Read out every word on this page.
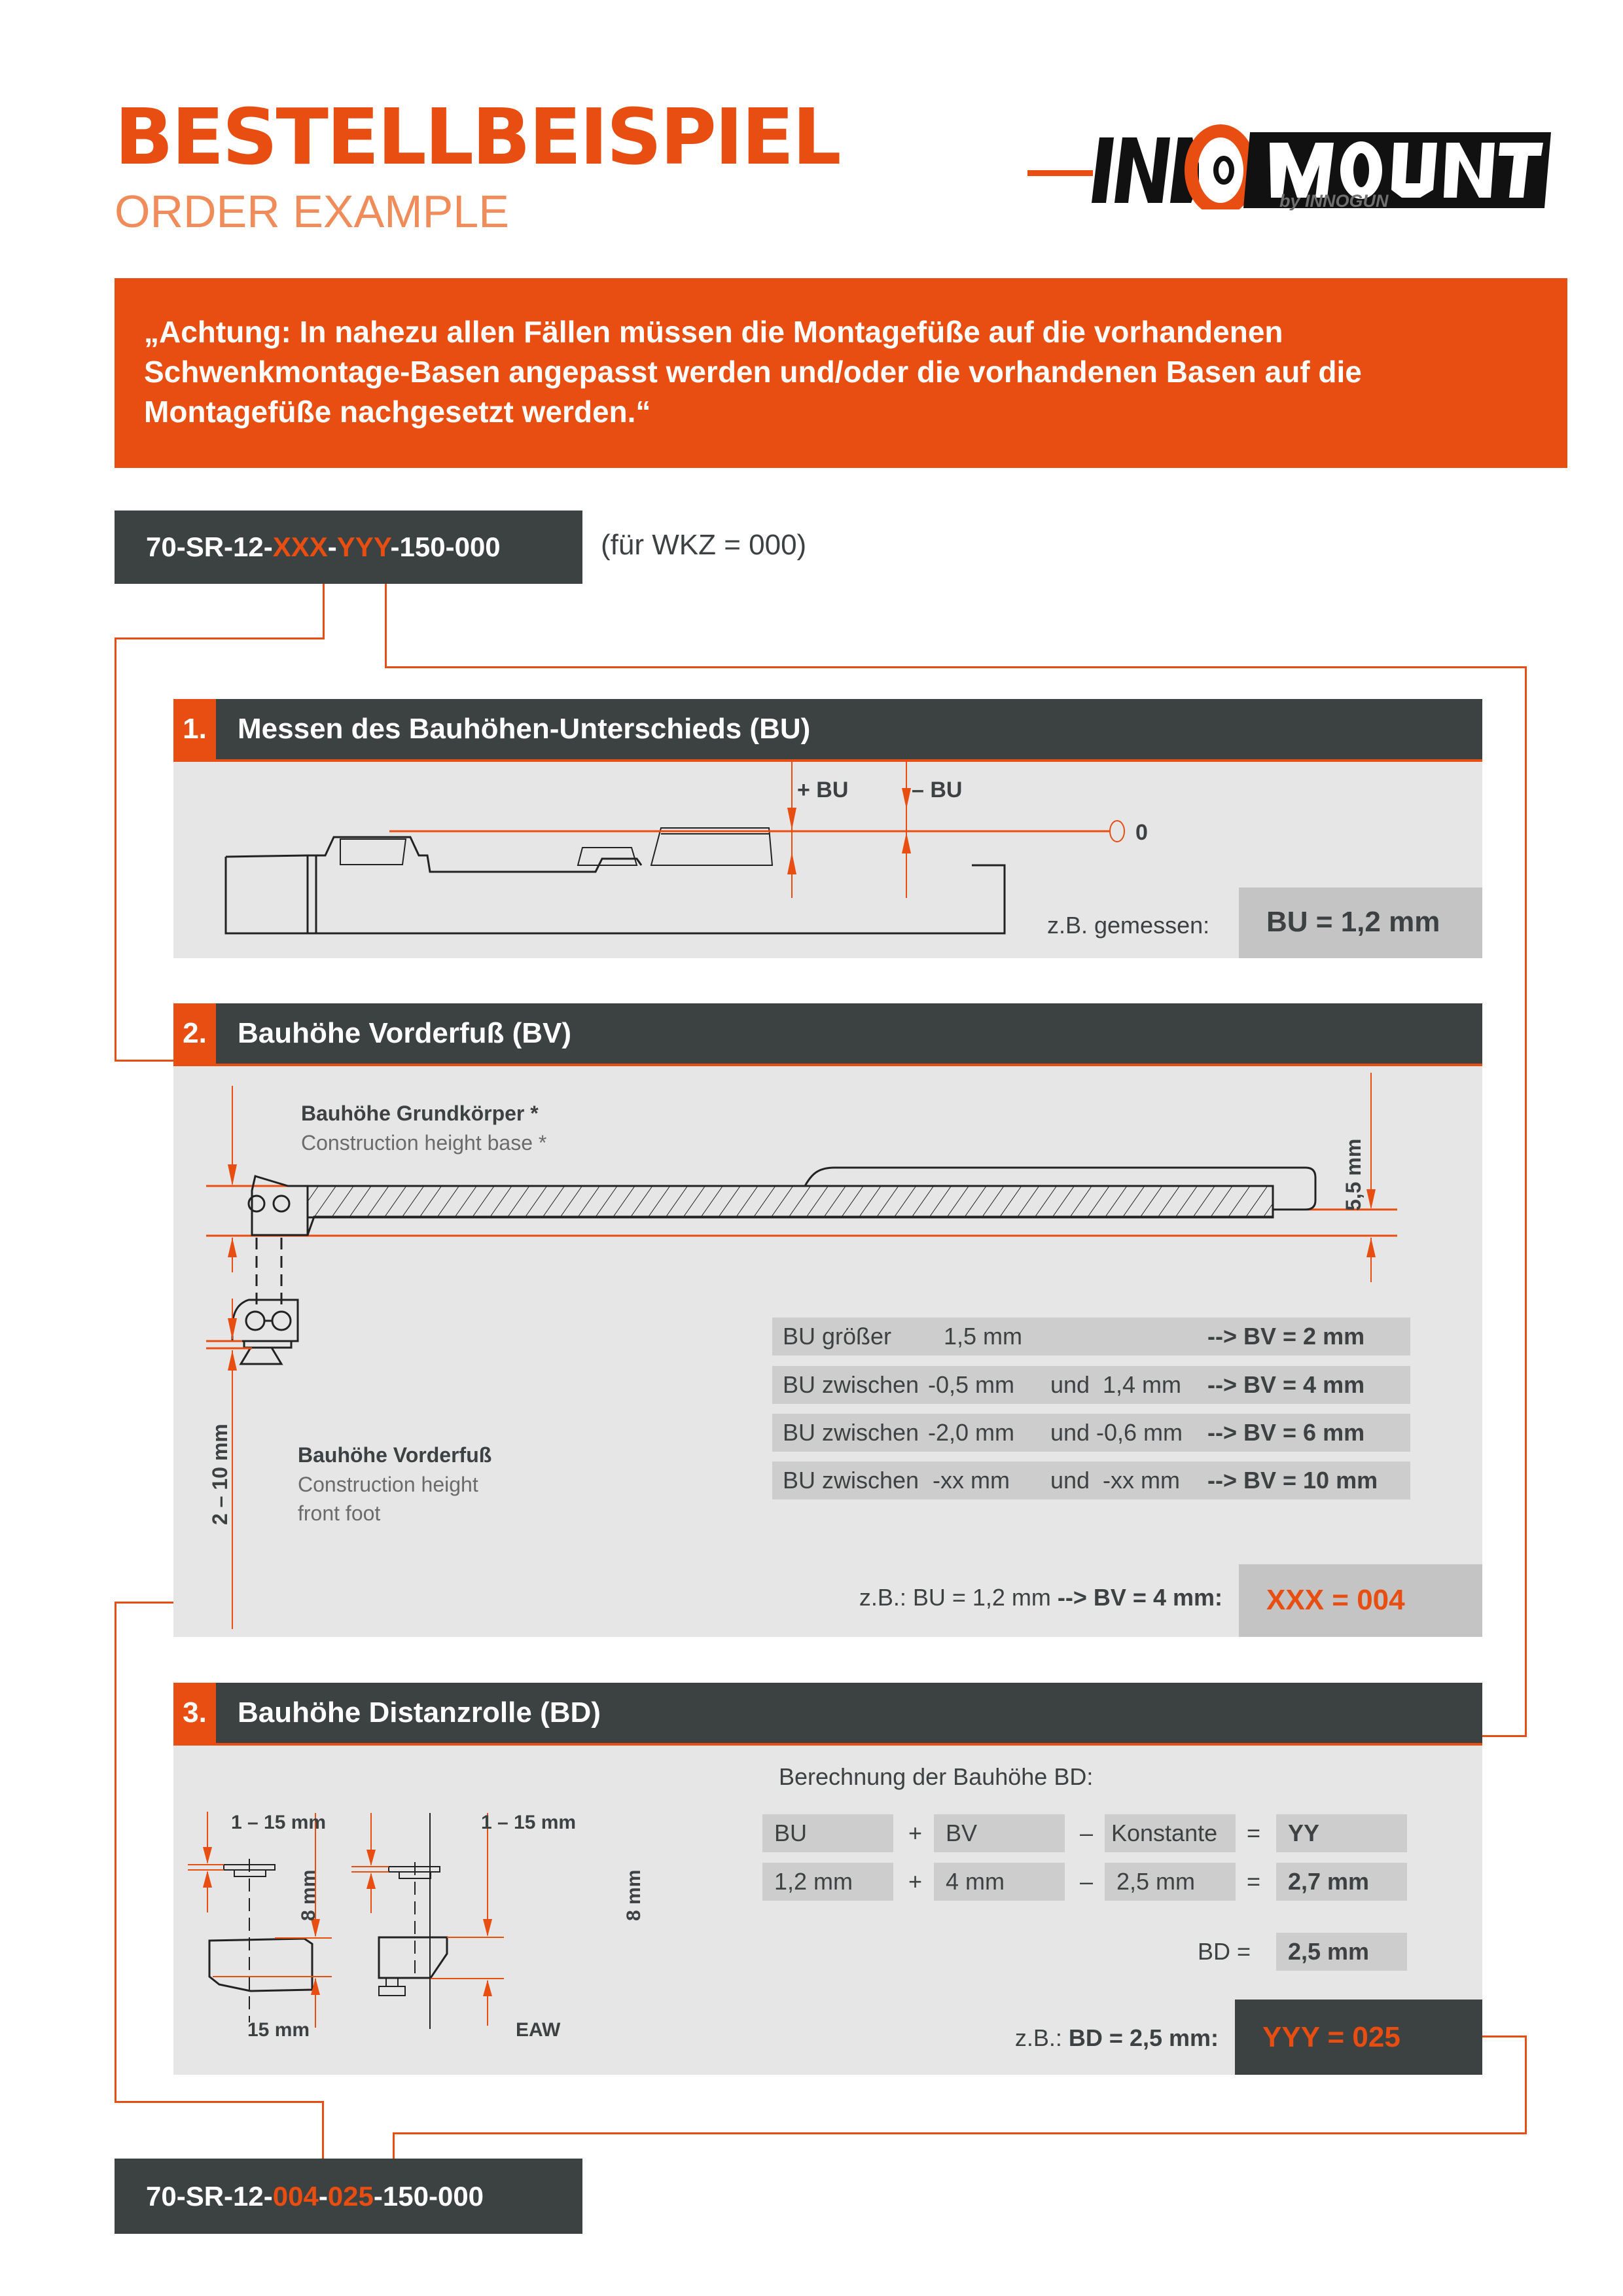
BESTELLBEISPIEL
ORDER EXAMPLE	by INNOGUN
„Achtung: In nahezu allen Fällen müssen die Montagefüße auf die vorhandenen Schwenkmontage-Basen angepasst werden und/oder die vorhandenen Basen auf die Montagefüße nachgesetzt werden.“
70-SR-12-XXX-YYY-150-000	(für WKZ = 000)
1.	Messen des Bauhöhen-Unterschieds (BU)
+ BU	– BU
0
z.B. gemessen: BU = 1,2 mm
2.	Bauhöhe Vorderfuß (BV)
5,5 mm
2 – 10 mm
Bauhöhe Grundkörper *
Construction height base *
Bauhöhe Vorderfuß
Construction height
front foot
BU größer 1,5 mm	--> BV = 2 mm
BU zwischen -0,5 mm und 1,4 mm --> BV = 4 mm
BU zwischen -2,0 mm und -0,6 mm --> BV = 6 mm
BU zwischen -xx mm und -xx mm --> BV = 10 mm
z.B.: BU = 1,2 mm --> BV = 4 mm: XXX = 004
3.	Bauhöhe Distanzrolle (BD)
1 – 15 mm	1 – 15 mm
8 mm	8 mm
15 mm	EAW
Berechnung der Bauhöhe BD:
BU	+ BV	– Konstante	=	YY
1,2 mm	+ 4 mm	– 2,5 mm	=	2,7 mm
BD =	2,5 mm
z.B.: BD = 2,5 mm: YYY = 025
70-SR-12-004-025-150-000
